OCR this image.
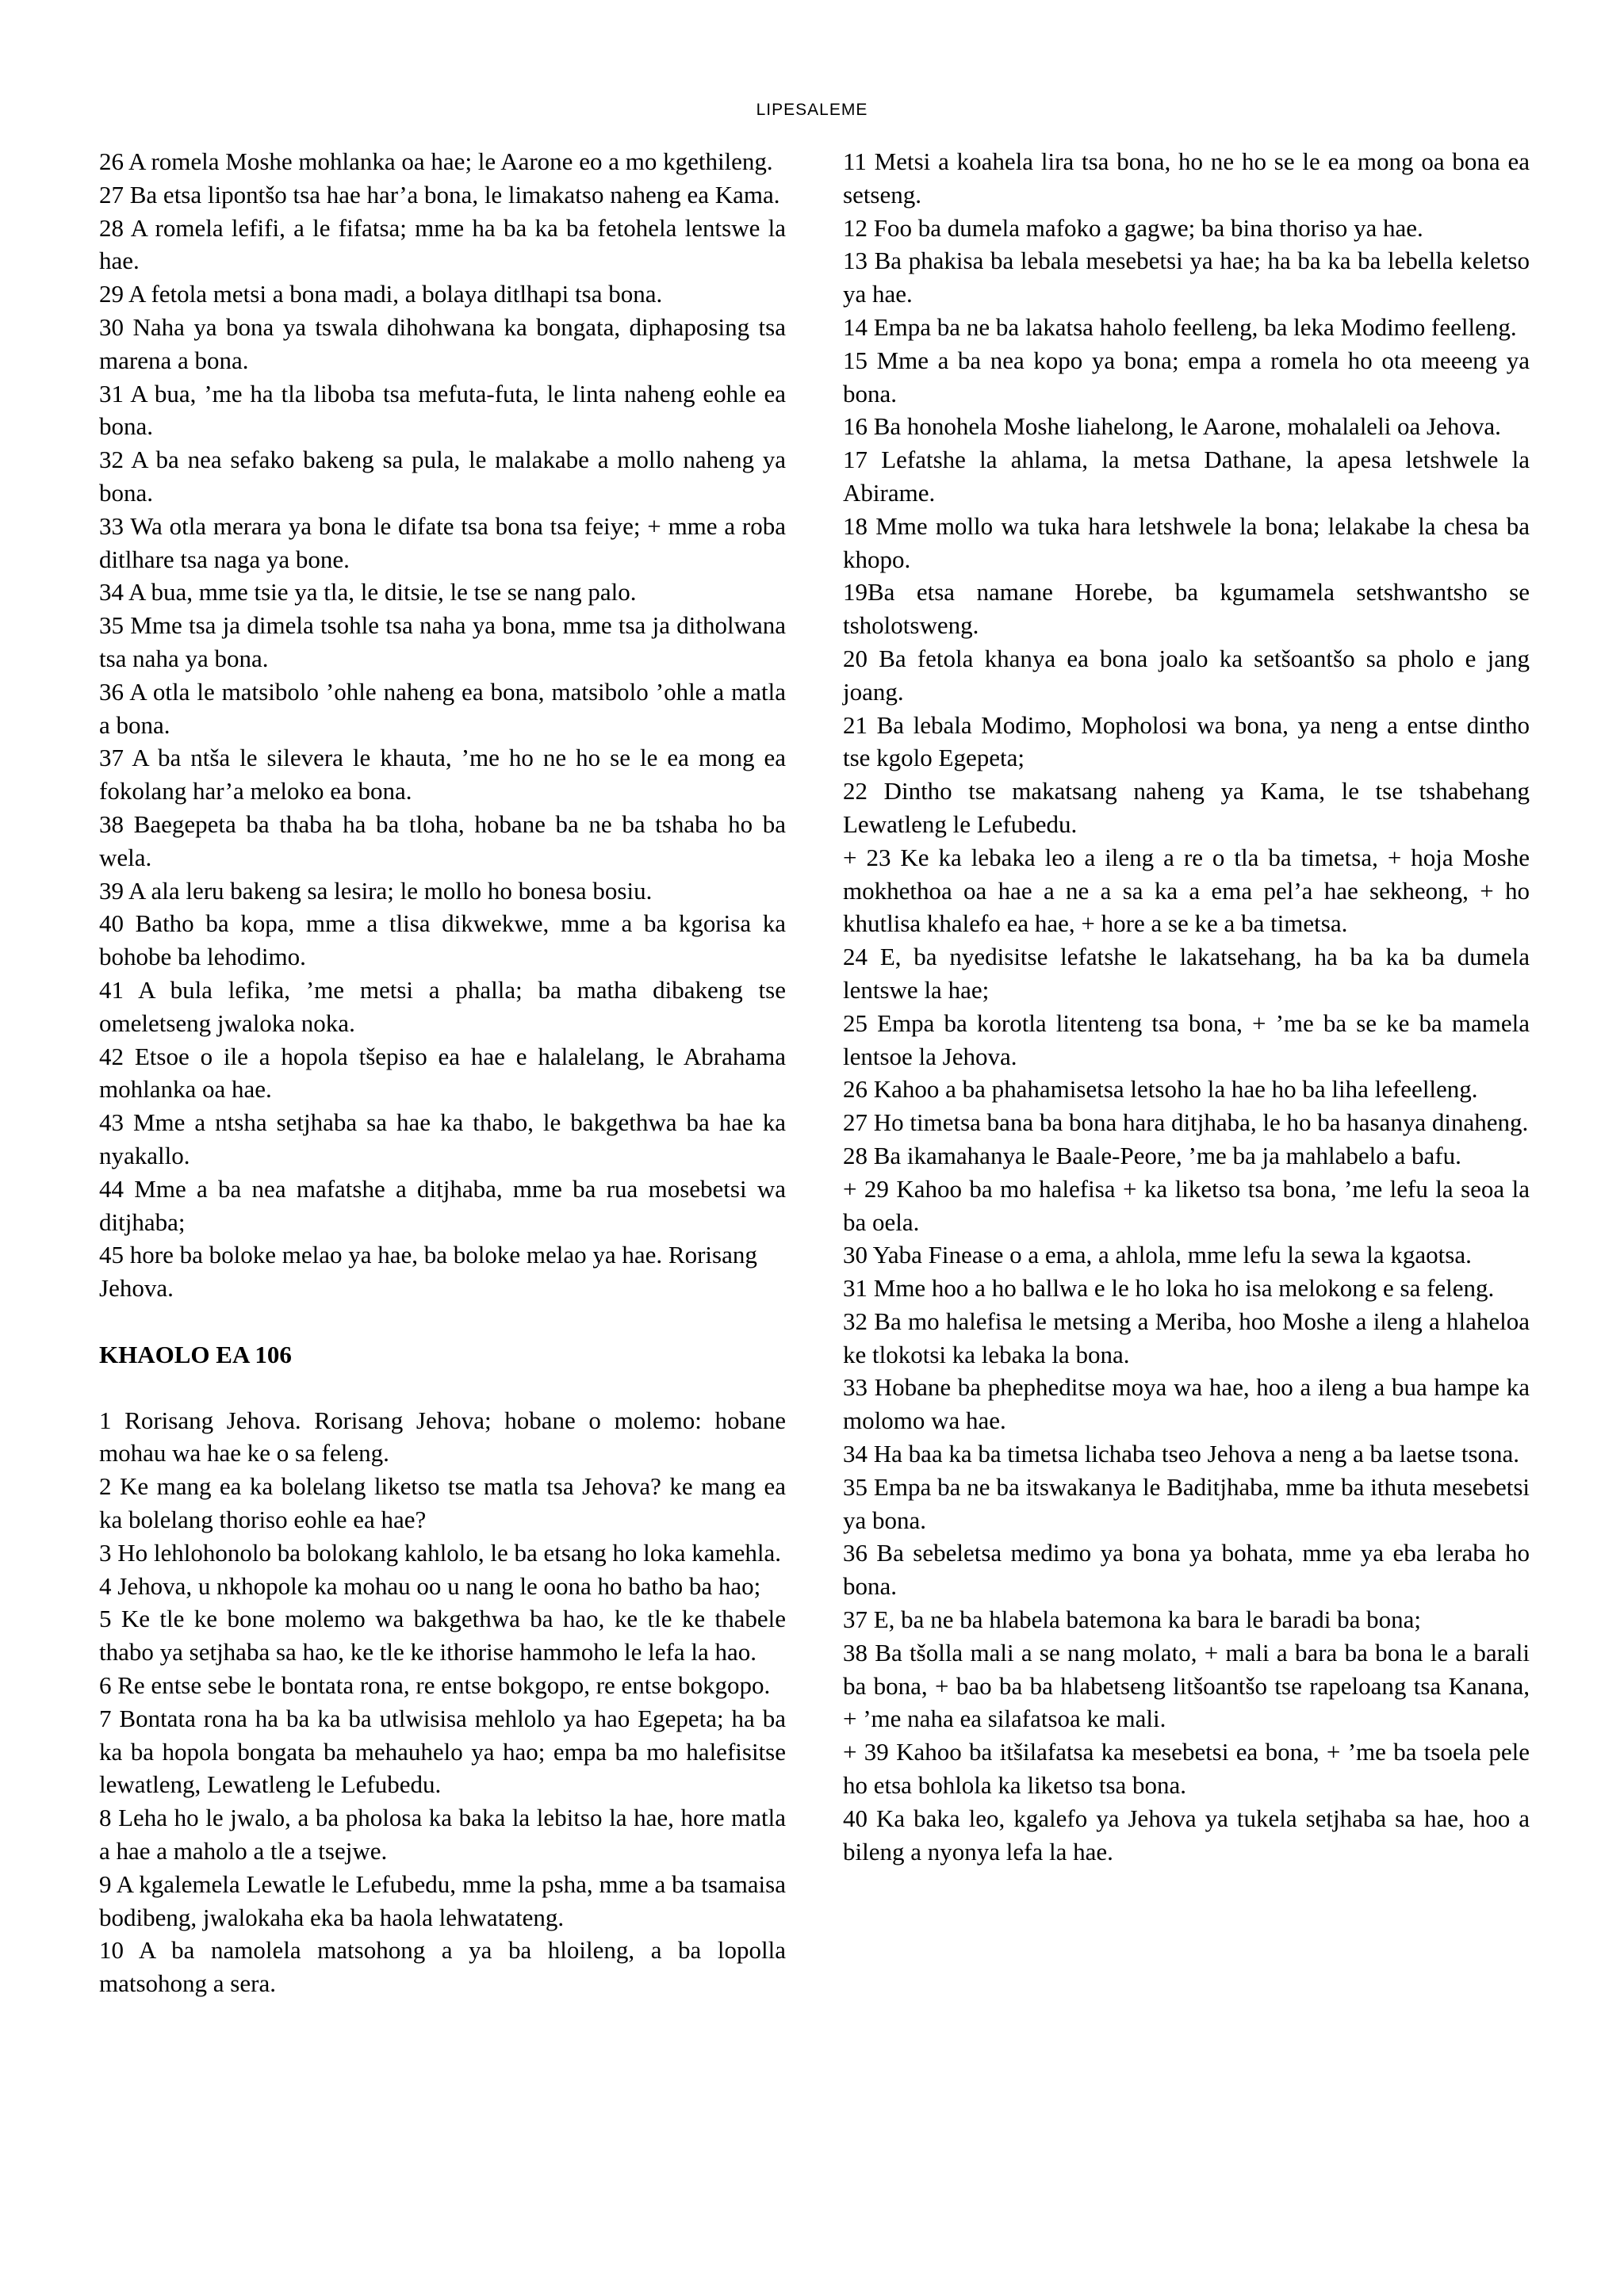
LIPESALEME
26 A romela Moshe mohlanka oa hae; le Aarone eo a mo kgethileng.
27 Ba etsa lipontšo tsa hae har’a bona, le limakatso naheng ea Kama.
28 A romela lefifi, a le fifatsa; mme ha ba ka ba fetohela lentswe la hae.
29 A fetola metsi a bona madi, a bolaya ditlhapi tsa bona.
30 Naha ya bona ya tswala dihohwana ka bongata, diphaposing tsa marena a bona.
31 A bua, ’me ha tla liboba tsa mefuta-futa, le linta naheng eohle ea bona.
32 A ba nea sefako bakeng sa pula, le malakabe a mollo naheng ya bona.
33 Wa otla merara ya bona le difate tsa bona tsa feiye; + mme a roba ditlhare tsa naga ya bone.
34 A bua, mme tsie ya tla, le ditsie, le tse se nang palo.
35 Mme tsa ja dimela tsohle tsa naha ya bona, mme tsa ja ditholwana tsa naha ya bona.
36 A otla le matsibolo ’ohle naheng ea bona, matsibolo ’ohle a matla a bona.
37 A ba ntša le silevera le khauta, ’me ho ne ho se le ea mong ea fokolang har’a meloko ea bona.
38 Baegepeta ba thaba ha ba tloha, hobane ba ne ba tshaba ho ba wela.
39 A ala leru bakeng sa lesira; le mollo ho bonesa bosiu.
40 Batho ba kopa, mme a tlisa dikwekwe, mme a ba kgorisa ka bohobe ba lehodimo.
41 A bula lefika, ’me metsi a phalla; ba matha dibakeng tse omeletseng jwaloka noka.
42 Etsoe o ile a hopola tšepiso ea hae e halalelang, le Abrahama mohlanka oa hae.
43 Mme a ntsha setjhaba sa hae ka thabo, le bakgethwa ba hae ka nyakallo.
44 Mme a ba nea mafatshe a ditjhaba, mme ba rua mosebetsi wa ditjhaba;
45 hore ba boloke melao ya hae, ba boloke melao ya hae. Rorisang Jehova.
KHAOLO EA 106
1 Rorisang Jehova. Rorisang Jehova; hobane o molemo: hobane mohau wa hae ke o sa feleng.
2 Ke mang ea ka bolelang liketso tse matla tsa Jehova? ke mang ea ka bolelang thoriso eohle ea hae?
3 Ho lehlohonolo ba bolokang kahlolo, le ba etsang ho loka kamehla.
4 Jehova, u nkhopole ka mohau oo u nang le oona ho batho ba hao;
5 Ke tle ke bone molemo wa bakgethwa ba hao, ke tle ke thabele thabo ya setjhaba sa hao, ke tle ke ithorise hammoho le lefa la hao.
6 Re entse sebe le bontata rona, re entse bokgopo, re entse bokgopo.
7 Bontata rona ha ba ka ba utlwisisa mehlolo ya hao Egepeta; ha ba ka ba hopola bongata ba mehauhelo ya hao; empa ba mo halefisitse lewatleng, Lewatleng le Lefubedu.
8 Leha ho le jwalo, a ba pholosa ka baka la lebitso la hae, hore matla a hae a maholo a tle a tsejwe.
9 A kgalemela Lewatle le Lefubedu, mme la psha, mme a ba tsamaisa bodibeng, jwalokaha eka ba haola lehwatateng.
10 A ba namolela matsohong a ya ba hloileng, a ba lopolla matsohong a sera.
11 Metsi a koahela lira tsa bona, ho ne ho se le ea mong oa bona ea setseng.
12 Foo ba dumela mafoko a gagwe; ba bina thoriso ya hae.
13 Ba phakisa ba lebala mesebetsi ya hae; ha ba ka ba lebella keletso ya hae.
14 Empa ba ne ba lakatsa haholo feelleng, ba leka Modimo feelleng.
15 Mme a ba nea kopo ya bona; empa a romela ho ota meeeng ya bona.
16 Ba honohela Moshe liahelong, le Aarone, mohalaleli oa Jehova.
17 Lefatshe la ahlama, la metsa Dathane, la apesa letshwele la Abirame.
18 Mme mollo wa tuka hara letshwele la bona; lelakabe la chesa ba khopo.
19Ba etsa namane Horebe, ba kgumamela setshwantsho se tsholotsweng.
20 Ba fetola khanya ea bona joalo ka setšoantšo sa pholo e jang joang.
21 Ba lebala Modimo, Mopholosi wa bona, ya neng a entse dintho tse kgolo Egepeta;
22 Dintho tse makatsang naheng ya Kama, le tse tshabehang Lewatleng le Lefubedu.
+ 23 Ke ka lebaka leo a ileng a re o tla ba timetsa, + hoja Moshe mokhethoa oa hae a ne a sa ka a ema pel’a hae sekheong, + ho khutlisa khalefo ea hae, + hore a se ke a ba timetsa.
24 E, ba nyedisitse lefatshe le lakatsehang, ha ba ka ba dumela lentswe la hae;
25 Empa ba korotla litenteng tsa bona, + ’me ba se ke ba mamela lentsoe la Jehova.
26 Kahoo a ba phahamisetsa letsoho la hae ho ba liha lefeelleng.
27 Ho timetsa bana ba bona hara ditjhaba, le ho ba hasanya dinaheng.
28 Ba ikamahanya le Baale-Peore, ’me ba ja mahlabelo a bafu.
+ 29 Kahoo ba mo halefisa + ka liketso tsa bona, ’me lefu la seoa la ba oela.
30 Yaba Finease o a ema, a ahlola, mme lefu la sewa la kgaotsa.
31 Mme hoo a ho ballwa e le ho loka ho isa melokong e sa feleng.
32 Ba mo halefisa le metsing a Meriba, hoo Moshe a ileng a hlaheloa ke tlokotsi ka lebaka la bona.
33 Hobane ba phepheditse moya wa hae, hoo a ileng a bua hampe ka molomo wa hae.
34 Ha baa ka ba timetsa lichaba tseo Jehova a neng a ba laetse tsona.
35 Empa ba ne ba itswakanya le Baditjhaba, mme ba ithuta mesebetsi ya bona.
36 Ba sebeletsa medimo ya bona ya bohata, mme ya eba leraba ho bona.
37 E, ba ne ba hlabela batemona ka bara le baradi ba bona;
38 Ba tšolla mali a se nang molato, + mali a bara ba bona le a barali ba bona, + bao ba ba hlabetseng litšoantšo tse rapeloang tsa Kanana, + ’me naha ea silafatsoa ke mali.
+ 39 Kahoo ba itšilafatsa ka mesebetsi ea bona, + ’me ba tsoela pele ho etsa bohlola ka liketso tsa bona.
40 Ka baka leo, kgalefo ya Jehova ya tukela setjhaba sa hae, hoo a bileng a nyonya lefa la hae.
